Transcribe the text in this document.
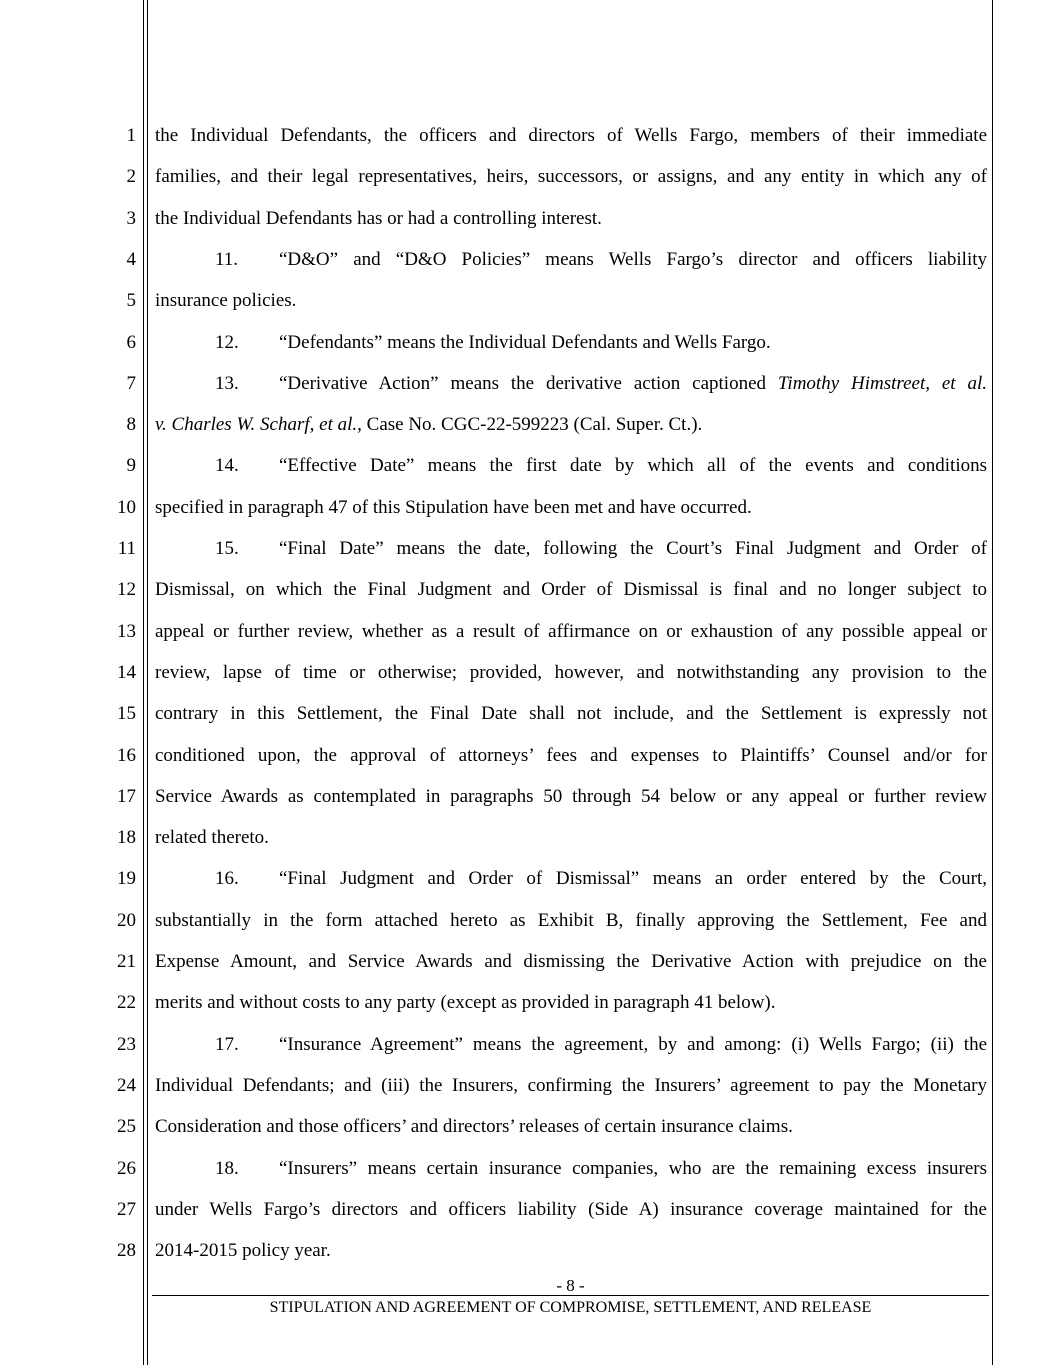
1 the Individual Defendants, the officers and directors of Wells Fargo, members of their immediate
2 families, and their legal representatives, heirs, successors, or assigns, and any entity in which any of
3 the Individual Defendants has or had a controlling interest.
4	11. “D&O” and “D&O Policies” means Wells Fargo’s director and officers liability
5 insurance policies.
6	12. “Defendants” means the Individual Defendants and Wells Fargo.
7	13. “Derivative Action” means the derivative action captioned Timothy Himstreet, et al.
8 v. Charles W. Scharf, et al., Case No. CGC-22-599223 (Cal. Super. Ct.).
9	14. “Effective Date” means the first date by which all of the events and conditions
10 specified in paragraph 47 of this Stipulation have been met and have occurred.
11	15. “Final Date” means the date, following the Court’s Final Judgment and Order of
12 Dismissal, on which the Final Judgment and Order of Dismissal is final and no longer subject to
13 appeal or further review, whether as a result of affirmance on or exhaustion of any possible appeal or
14 review, lapse of time or otherwise; provided, however, and notwithstanding any provision to the
15 contrary in this Settlement, the Final Date shall not include, and the Settlement is expressly not
16 conditioned upon, the approval of attorneys’ fees and expenses to Plaintiffs’ Counsel and/or for
17 Service Awards as contemplated in paragraphs 50 through 54 below or any appeal or further review
18 related thereto.
19	16. “Final Judgment and Order of Dismissal” means an order entered by the Court,
20 substantially in the form attached hereto as Exhibit B, finally approving the Settlement, Fee and
21 Expense Amount, and Service Awards and dismissing the Derivative Action with prejudice on the
22 merits and without costs to any party (except as provided in paragraph 41 below).
23	17. “Insurance Agreement” means the agreement, by and among: (i) Wells Fargo; (ii) the
24 Individual Defendants; and (iii) the Insurers, confirming the Insurers’ agreement to pay the Monetary
25 Consideration and those officers’ and directors’ releases of certain insurance claims.
26	18. “Insurers” means certain insurance companies, who are the remaining excess insurers
27 under Wells Fargo’s directors and officers liability (Side A) insurance coverage maintained for the
28 2014-2015 policy year.
- 8 -
STIPULATION AND AGREEMENT OF COMPROMISE, SETTLEMENT, AND RELEASE
